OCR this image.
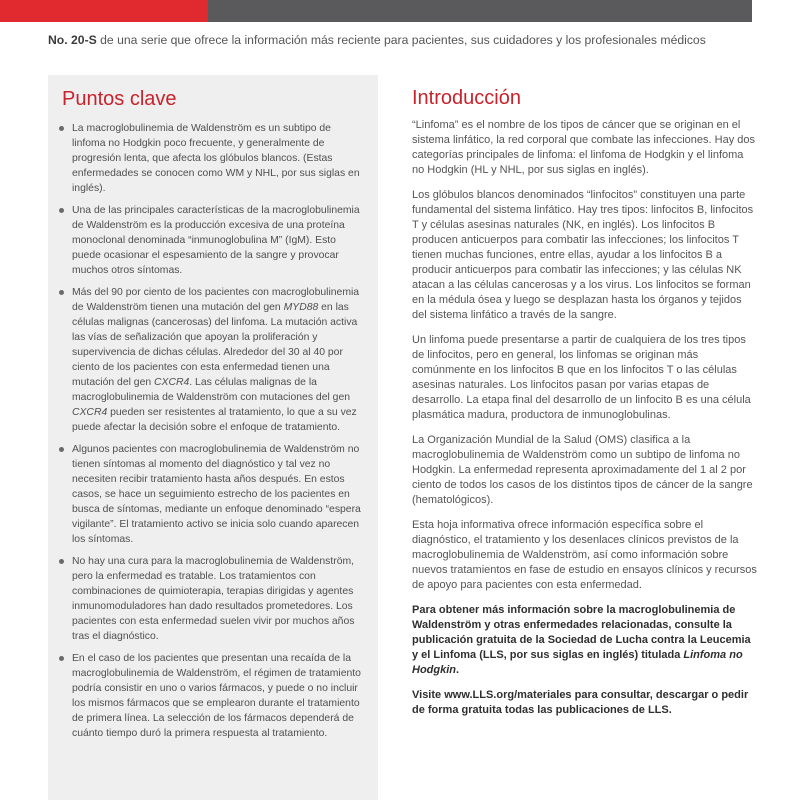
No. 20-S de una serie que ofrece la información más reciente para pacientes, sus cuidadores y los profesionales médicos
Puntos clave
La macroglobulinemia de Waldenström es un subtipo de linfoma no Hodgkin poco frecuente, y generalmente de progresión lenta, que afecta los glóbulos blancos. (Estas enfermedades se conocen como WM y NHL, por sus siglas en inglés).
Una de las principales características de la macroglobulinemia de Waldenström es la producción excesiva de una proteína monoclonal denominada “inmunoglobulina M” (IgM). Esto puede ocasionar el espesamiento de la sangre y provocar muchos otros síntomas.
Más del 90 por ciento de los pacientes con macroglobulinemia de Waldenström tienen una mutación del gen MYD88 en las células malignas (cancerosas) del linfoma. La mutación activa las vías de señalización que apoyan la proliferación y supervivencia de dichas células. Alrededor del 30 al 40 por ciento de los pacientes con esta enfermedad tienen una mutación del gen CXCR4. Las células malignas de la macroglobulinemia de Waldenström con mutaciones del gen CXCR4 pueden ser resistentes al tratamiento, lo que a su vez puede afectar la decisión sobre el enfoque de tratamiento.
Algunos pacientes con macroglobulinemia de Waldenström no tienen síntomas al momento del diagnóstico y tal vez no necesiten recibir tratamiento hasta años después. En estos casos, se hace un seguimiento estrecho de los pacientes en busca de síntomas, mediante un enfoque denominado “espera vigilante”. El tratamiento activo se inicia solo cuando aparecen los síntomas.
No hay una cura para la macroglobulinemia de Waldenström, pero la enfermedad es tratable. Los tratamientos con combinaciones de quimioterapia, terapias dirigidas y agentes inmunomoduladores han dado resultados prometedores. Los pacientes con esta enfermedad suelen vivir por muchos años tras el diagnóstico.
En el caso de los pacientes que presentan una recaída de la macroglobulinemia de Waldenström, el régimen de tratamiento podría consistir en uno o varios fármacos, y puede o no incluir los mismos fármacos que se emplearon durante el tratamiento de primera línea. La selección de los fármacos dependerá de cuánto tiempo duró la primera respuesta al tratamiento.
Introducción

“Linfoma” es el nombre de los tipos de cáncer que se originan en el sistema linfático, la red corporal que combate las infecciones. Hay dos categorías principales de linfoma: el linfoma de Hodgkin y el linfoma no Hodgkin (HL y NHL, por sus siglas en inglés).

Los glóbulos blancos denominados “linfocitos” constituyen una parte fundamental del sistema linfático. Hay tres tipos: linfocitos B, linfocitos T y células asesinas naturales (NK, en inglés). Los linfocitos B producen anticuerpos para combatir las infecciones; los linfocitos T tienen muchas funciones, entre ellas, ayudar a los linfocitos B a producir anticuerpos para combatir las infecciones; y las células NK atacan a las células cancerosas y a los virus. Los linfocitos se forman en la médula ósea y luego se desplazan hasta los órganos y tejidos del sistema linfático a través de la sangre.

Un linfoma puede presentarse a partir de cualquiera de los tres tipos de linfocitos, pero en general, los linfomas se originan más comúnmente en los linfocitos B que en los linfocitos T o las células asesinas naturales. Los linfocitos pasan por varias etapas de desarrollo. La etapa final del desarrollo de un linfocito B es una célula plasmática madura, productora de inmunoglobulinas.

La Organización Mundial de la Salud (OMS) clasifica a la macroglobulinemia de Waldenström como un subtipo de linfoma no Hodgkin. La enfermedad representa aproximadamente del 1 al 2 por ciento de todos los casos de los distintos tipos de cáncer de la sangre (hematológicos).

Esta hoja informativa ofrece información específica sobre el diagnóstico, el tratamiento y los desenlaces clínicos previstos de la macroglobulinemia de Waldenström, así como información sobre nuevos tratamientos en fase de estudio en ensayos clínicos y recursos de apoyo para pacientes con esta enfermedad.

Para obtener más información sobre la macroglobulinemia de Waldenström y otras enfermedades relacionadas, consulte la publicación gratuita de la Sociedad de Lucha contra la Leucemia y el Linfoma (LLS, por sus siglas en inglés) titulada Linfoma no Hodgkin.

Visite www.LLS.org/materiales para consultar, descargar o pedir de forma gratuita todas las publicaciones de LLS.
